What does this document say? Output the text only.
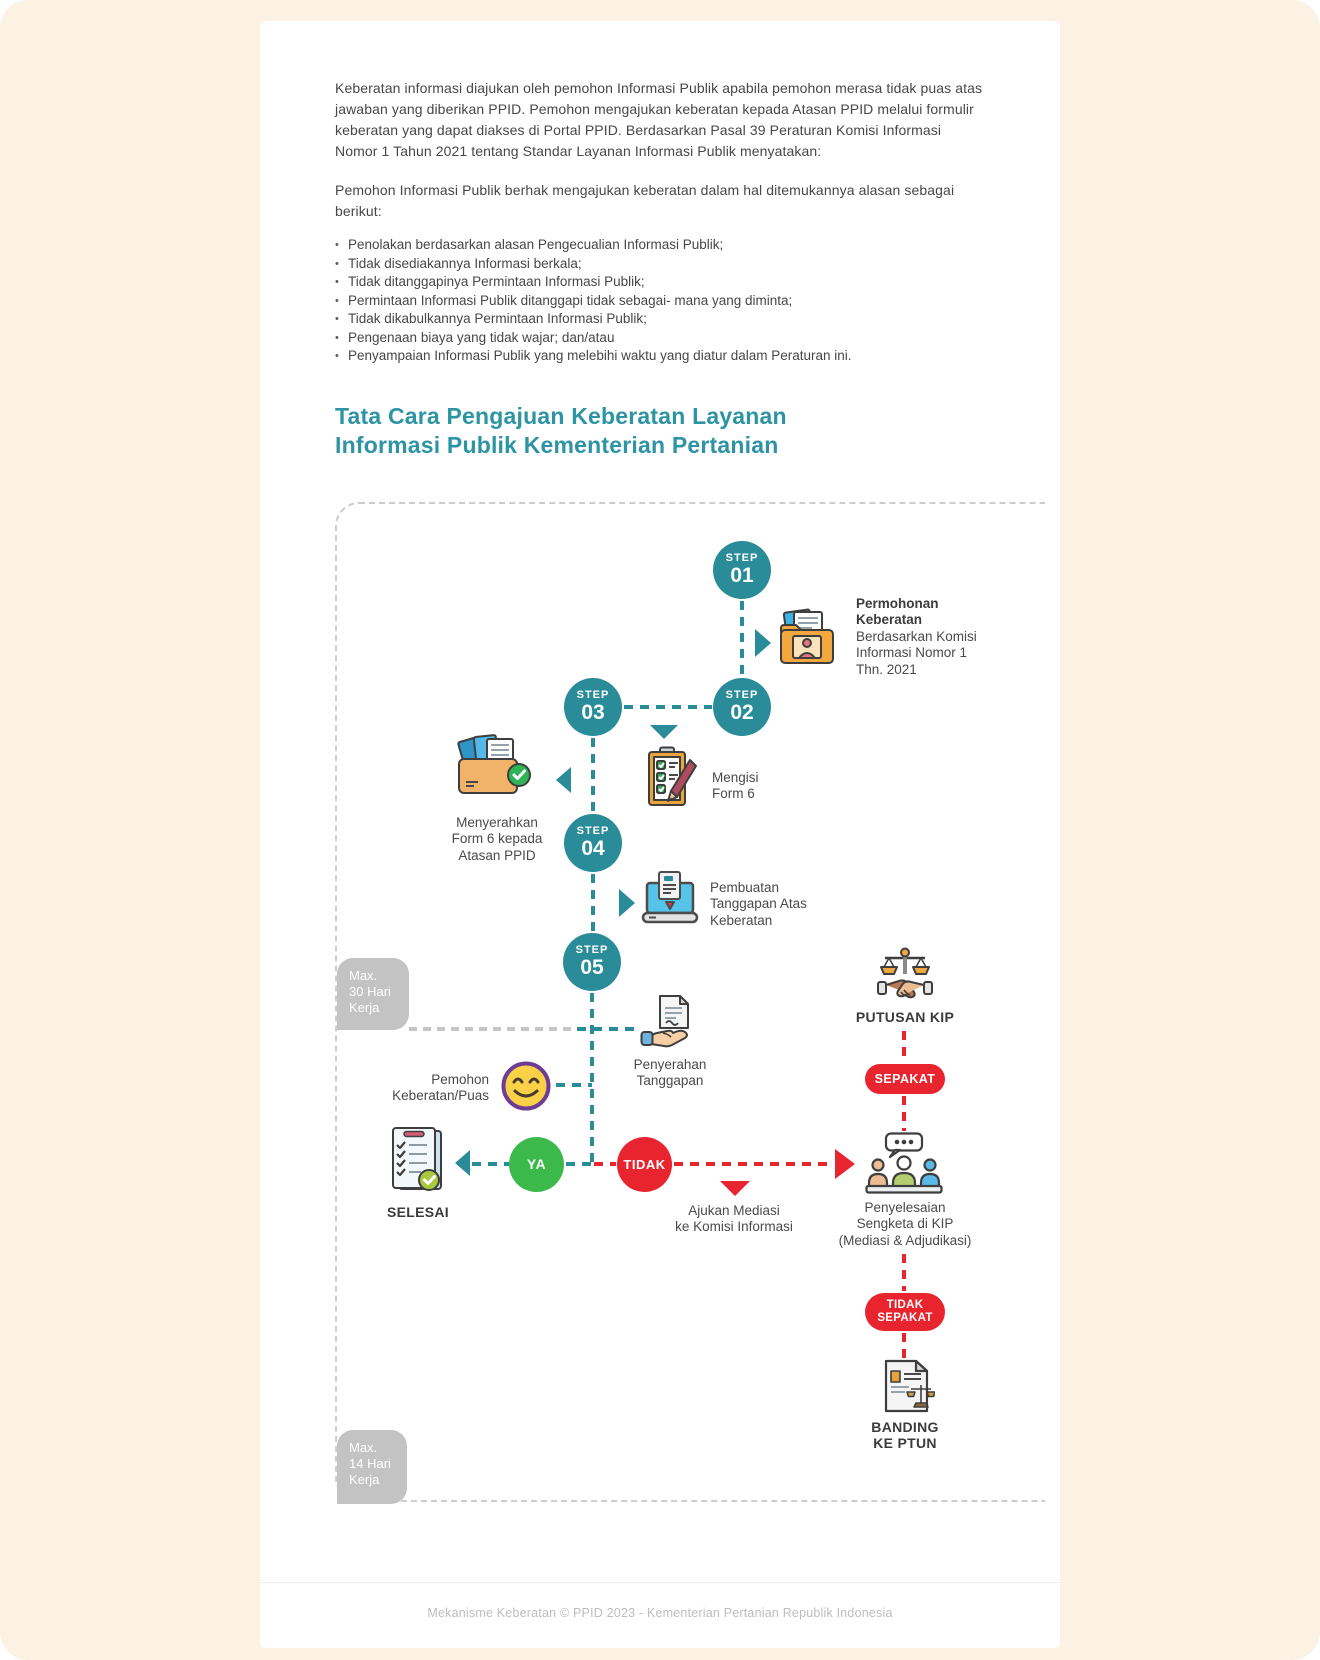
Keberatan informasi diajukan oleh pemohon Informasi Publik apabila pemohon merasa tidak puas atas jawaban yang diberikan PPID. Pemohon mengajukan keberatan kepada Atasan PPID melalui formulir keberatan yang dapat diakses di Portal PPID. Berdasarkan Pasal 39 Peraturan Komisi Informasi Nomor 1 Tahun 2021 tentang Standar Layanan Informasi Publik menyatakan:

Pemohon Informasi Publik berhak mengajukan keberatan dalam hal ditemukannya alasan sebagai berikut:

• Penolakan berdasarkan alasan Pengecualian Informasi Publik;
• Tidak disediakannya Informasi berkala;
• Tidak ditanggapinya Permintaan Informasi Publik;
• Permintaan Informasi Publik ditanggapi tidak sebagai- mana yang diminta;
• Tidak dikabulkannya Permintaan Informasi Publik;
• Pengenaan biaya yang tidak wajar; dan/atau
• Penyampaian Informasi Publik yang melebihi waktu yang diatur dalam Peraturan ini.
Tata Cara Pengajuan Keberatan Layanan
Informasi Publik Kementerian Pertanian
STEP
01
STEP
02
STEP
03
STEP
04
STEP
05
Permohonan
Keberatan
Berdasarkan Komisi
Informasi Nomor 1
Thn. 2021
Mengisi
Form 6
Menyerahkan
Form 6 kepada
Atasan PPID
Pembuatan
Tanggapan Atas
Keberatan
Max.
30 Hari
Kerja
Penyerahan
Tanggapan
Pemohon
Keberatan/Puas
SELESAI
YA	TIDAK
Ajukan Mediasi
ke Komisi Informasi
PUTUSAN KIP
SEPAKAT
Penyelesaian
Sengketa di KIP
(Mediasi & Adjudikasi)
TIDAK
SEPAKAT
BANDING
KE PTUN
Max.
14 Hari
Kerja
Mekanisme Keberatan © PPID 2023 - Kementerian Pertanian Republik Indonesia
